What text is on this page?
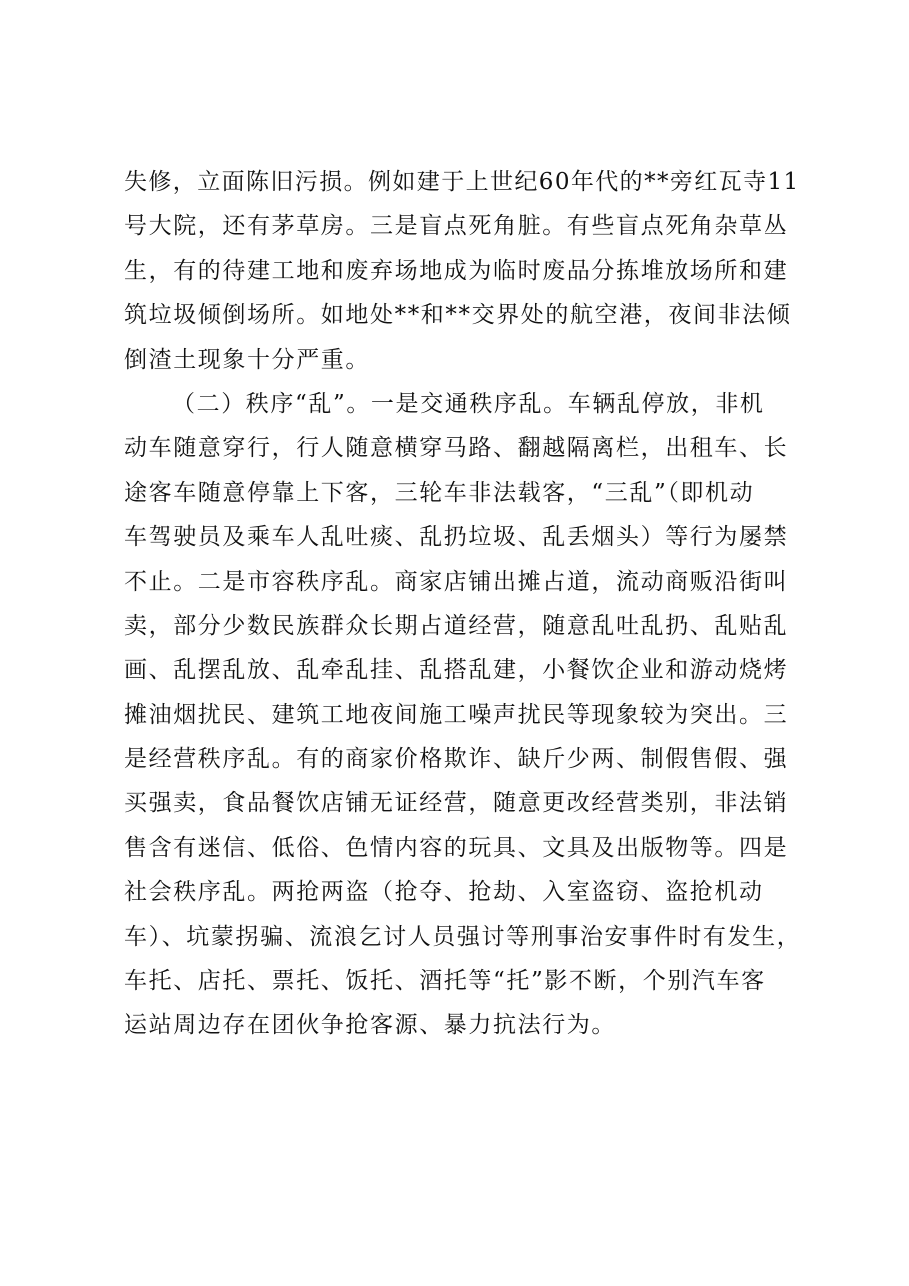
失修，立面陈旧污损。例如建于上世纪60年代的**旁红瓦寺11
号大院，还有茅草房。三是盲点死角脏。有些盲点死角杂草丛
生，有的待建工地和废弃场地成为临时废品分拣堆放场所和建
筑垃圾倾倒场所。如地处**和**交界处的航空港，夜间非法倾
倒渣土现象十分严重。
（二）秩序“乱”。一是交通秩序乱。车辆乱停放，非机
动车随意穿行，行人随意横穿马路、翻越隔离栏，出租车、长
途客车随意停靠上下客，三轮车非法载客，“三乱”（即机动
车驾驶员及乘车人乱吐痰、乱扔垃圾、乱丢烟头）等行为屡禁
不止。二是市容秩序乱。商家店铺出摊占道，流动商贩沿街叫
卖，部分少数民族群众长期占道经营，随意乱吐乱扔、乱贴乱
画、乱摆乱放、乱牵乱挂、乱搭乱建，小餐饮企业和游动烧烤
摊油烟扰民、建筑工地夜间施工噪声扰民等现象较为突出。三
是经营秩序乱。有的商家价格欺诈、缺斤少两、制假售假、强
买强卖，食品餐饮店铺无证经营，随意更改经营类别，非法销
售含有迷信、低俗、色情内容的玩具、文具及出版物等。四是
社会秩序乱。两抢两盗（抢夺、抢劫、入室盗窃、盗抢机动
车）、坑蒙拐骗、流浪乞讨人员强讨等刑事治安事件时有发生，
车托、店托、票托、饭托、酒托等“托”影不断，个别汽车客
运站周边存在团伙争抢客源、暴力抗法行为。
